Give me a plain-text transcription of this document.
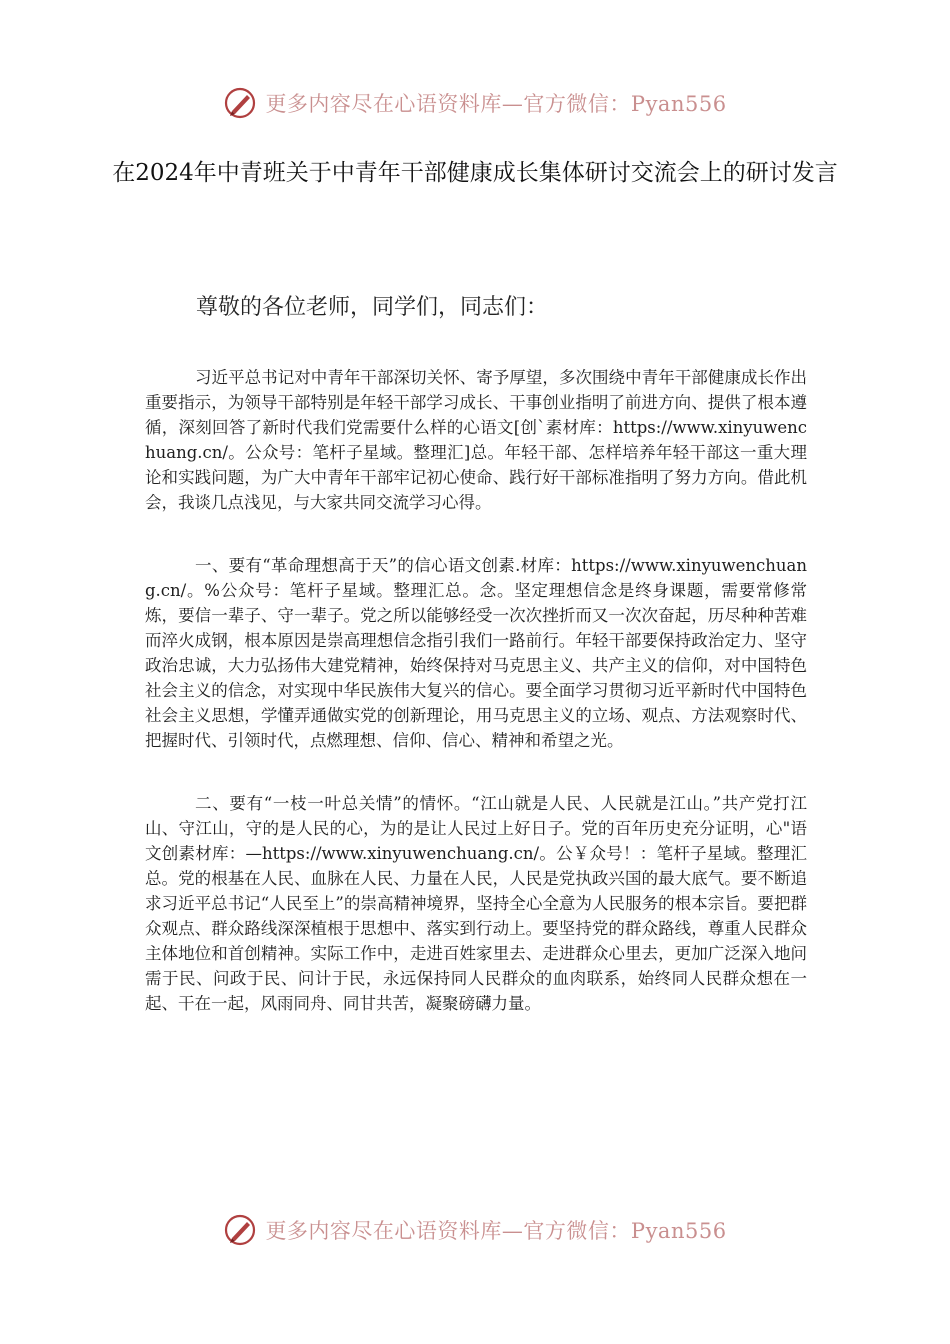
更多内容尽在心语资料库—官方微信：Pyan556
在2024年中青班关于中青年干部健康成长集体研讨交流会上的研讨发言

尊敬的各位老师，同学们，同志们：

习近平总书记对中青年干部深切关怀、寄予厚望，多次围绕中青年干部健康成长作出重要指示，为领导干部特别是年轻干部学习成长、干事创业指明了前进方向、提供了根本遵循，深刻回答了新时代我们党需要什么样的心语文[创`素材库：https://www.xinyuwenchuang.cn/。公众号：笔杆子星域。整理汇]总。年轻干部、怎样培养年轻干部这一重大理论和实践问题，为广大中青年干部牢记初心使命、践行好干部标准指明了努力方向。借此机会，我谈几点浅见，与大家共同交流学习心得。

一、要有“革命理想高于天”的信心语文创素.材库：https://www.xinyuwenchuang.cn/。%公众号：笔杆子星域。整理汇总。念。坚定理想信念是终身课题，需要常修常炼，要信一辈子、守一辈子。党之所以能够经受一次次挫折而又一次次奋起，历尽种种苦难而淬火成钢，根本原因是崇高理想信念指引我们一路前行。年轻干部要保持政治定力、坚守政治忠诚，大力弘扬伟大建党精神，始终保持对马克思主义、共产主义的信仰，对中国特色社会主义的信念，对实现中华民族伟大复兴的信心。要全面学习贯彻习近平新时代中国特色社会主义思想，学懂弄通做实党的创新理论，用马克思主义的立场、观点、方法观察时代、把握时代、引领时代，点燃理想、信仰、信心、精神和希望之光。

二、要有“一枝一叶总关情”的情怀。“江山就是人民、人民就是江山。”共产党打江山、守江山，守的是人民的心，为的是让人民过上好日子。党的百年历史充分证明，心"语文创素材库：—https://www.xinyuwenchuang.cn/。公￥众号！：笔杆子星域。整理汇总。党的根基在人民、血脉在人民、力量在人民，人民是党执政兴国的最大底气。要不断追求习近平总书记“人民至上”的崇高精神境界，坚持全心全意为人民服务的根本宗旨。要把群众观点、群众路线深深植根于思想中、落实到行动上。要坚持党的群众路线，尊重人民群众主体地位和首创精神。实际工作中，走进百姓家里去、走进群众心里去，更加广泛深入地问需于民、问政于民、问计于民，永远保持同人民群众的血肉联系，始终同人民群众想在一起、干在一起，风雨同舟、同甘共苦，凝聚磅礴力量。

更多内容尽在心语资料库—官方微信：Pyan556
